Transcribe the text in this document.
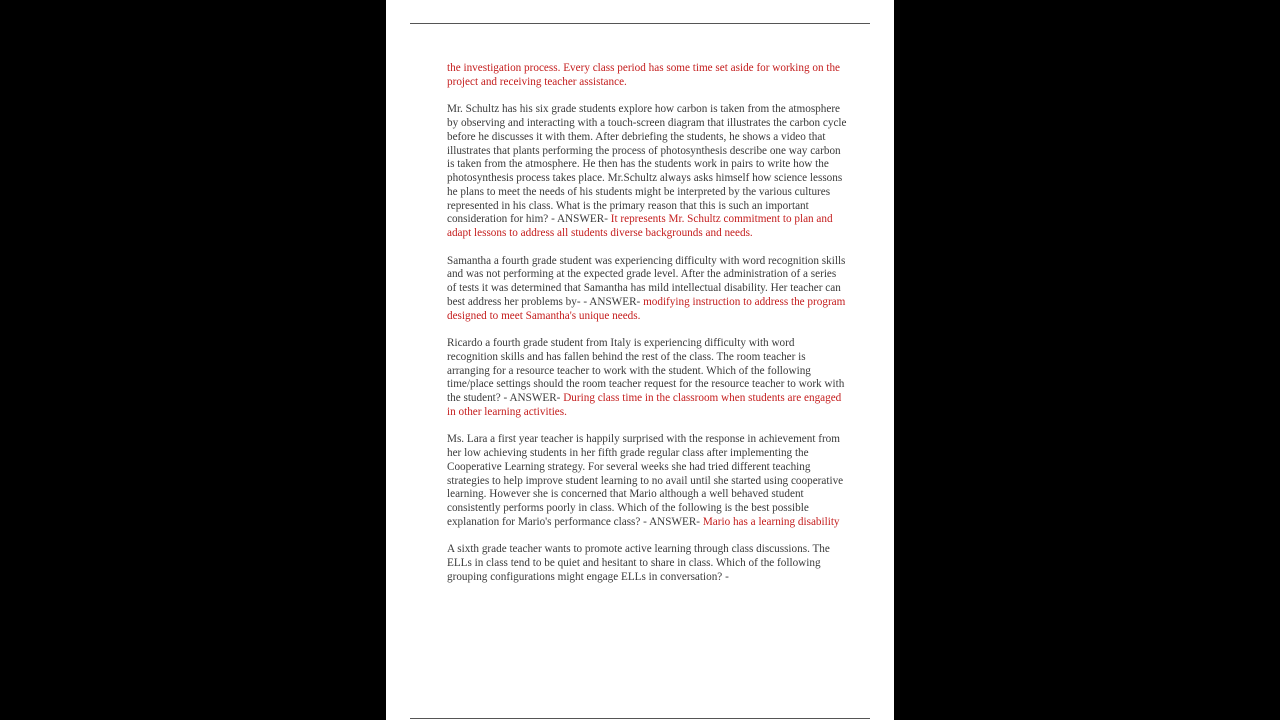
the investigation process. Every class period has some time set aside for working on the project and receiving teacher assistance.

Mr. Schultz has his six grade students explore how carbon is taken from the atmosphere by observing and interacting with a touch-screen diagram that illustrates the carbon cycle before he discusses it with them. After debriefing the students, he shows a video that illustrates that plants performing the process of photosynthesis describe one way carbon is taken from the atmosphere. He then has the students work in pairs to write how the photosynthesis process takes place. Mr.Schultz always asks himself how science lessons he plans to meet the needs of his students might be interpreted by the various cultures represented in his class. What is the primary reason that this is such an important consideration for him? - ANSWER- It represents Mr. Schultz commitment to plan and adapt lessons to address all students diverse backgrounds and needs.

Samantha a fourth grade student was experiencing difficulty with word recognition skills and was not performing at the expected grade level. After the administration of a series of tests it was determined that Samantha has mild intellectual disability. Her teacher can best address her problems by- - ANSWER- modifying instruction to address the program designed to meet Samantha's unique needs.

Ricardo a fourth grade student from Italy is experiencing difficulty with word recognition skills and has fallen behind the rest of the class. The room teacher is arranging for a resource teacher to work with the student. Which of the following time/place settings should the room teacher request for the resource teacher to work with the student? - ANSWER- During class time in the classroom when students are engaged in other learning activities.

Ms. Lara a first year teacher is happily surprised with the response in achievement from her low achieving students in her fifth grade regular class after implementing the Cooperative Learning strategy. For several weeks she had tried different teaching strategies to help improve student learning to no avail until she started using cooperative learning. However she is concerned that Mario although a well behaved student consistently performs poorly in class. Which of the following is the best possible explanation for Mario's performance class? - ANSWER- Mario has a learning disability

A sixth grade teacher wants to promote active learning through class discussions. The ELLs in class tend to be quiet and hesitant to share in class. Which of the following grouping configurations might engage ELLs in conversation? -
